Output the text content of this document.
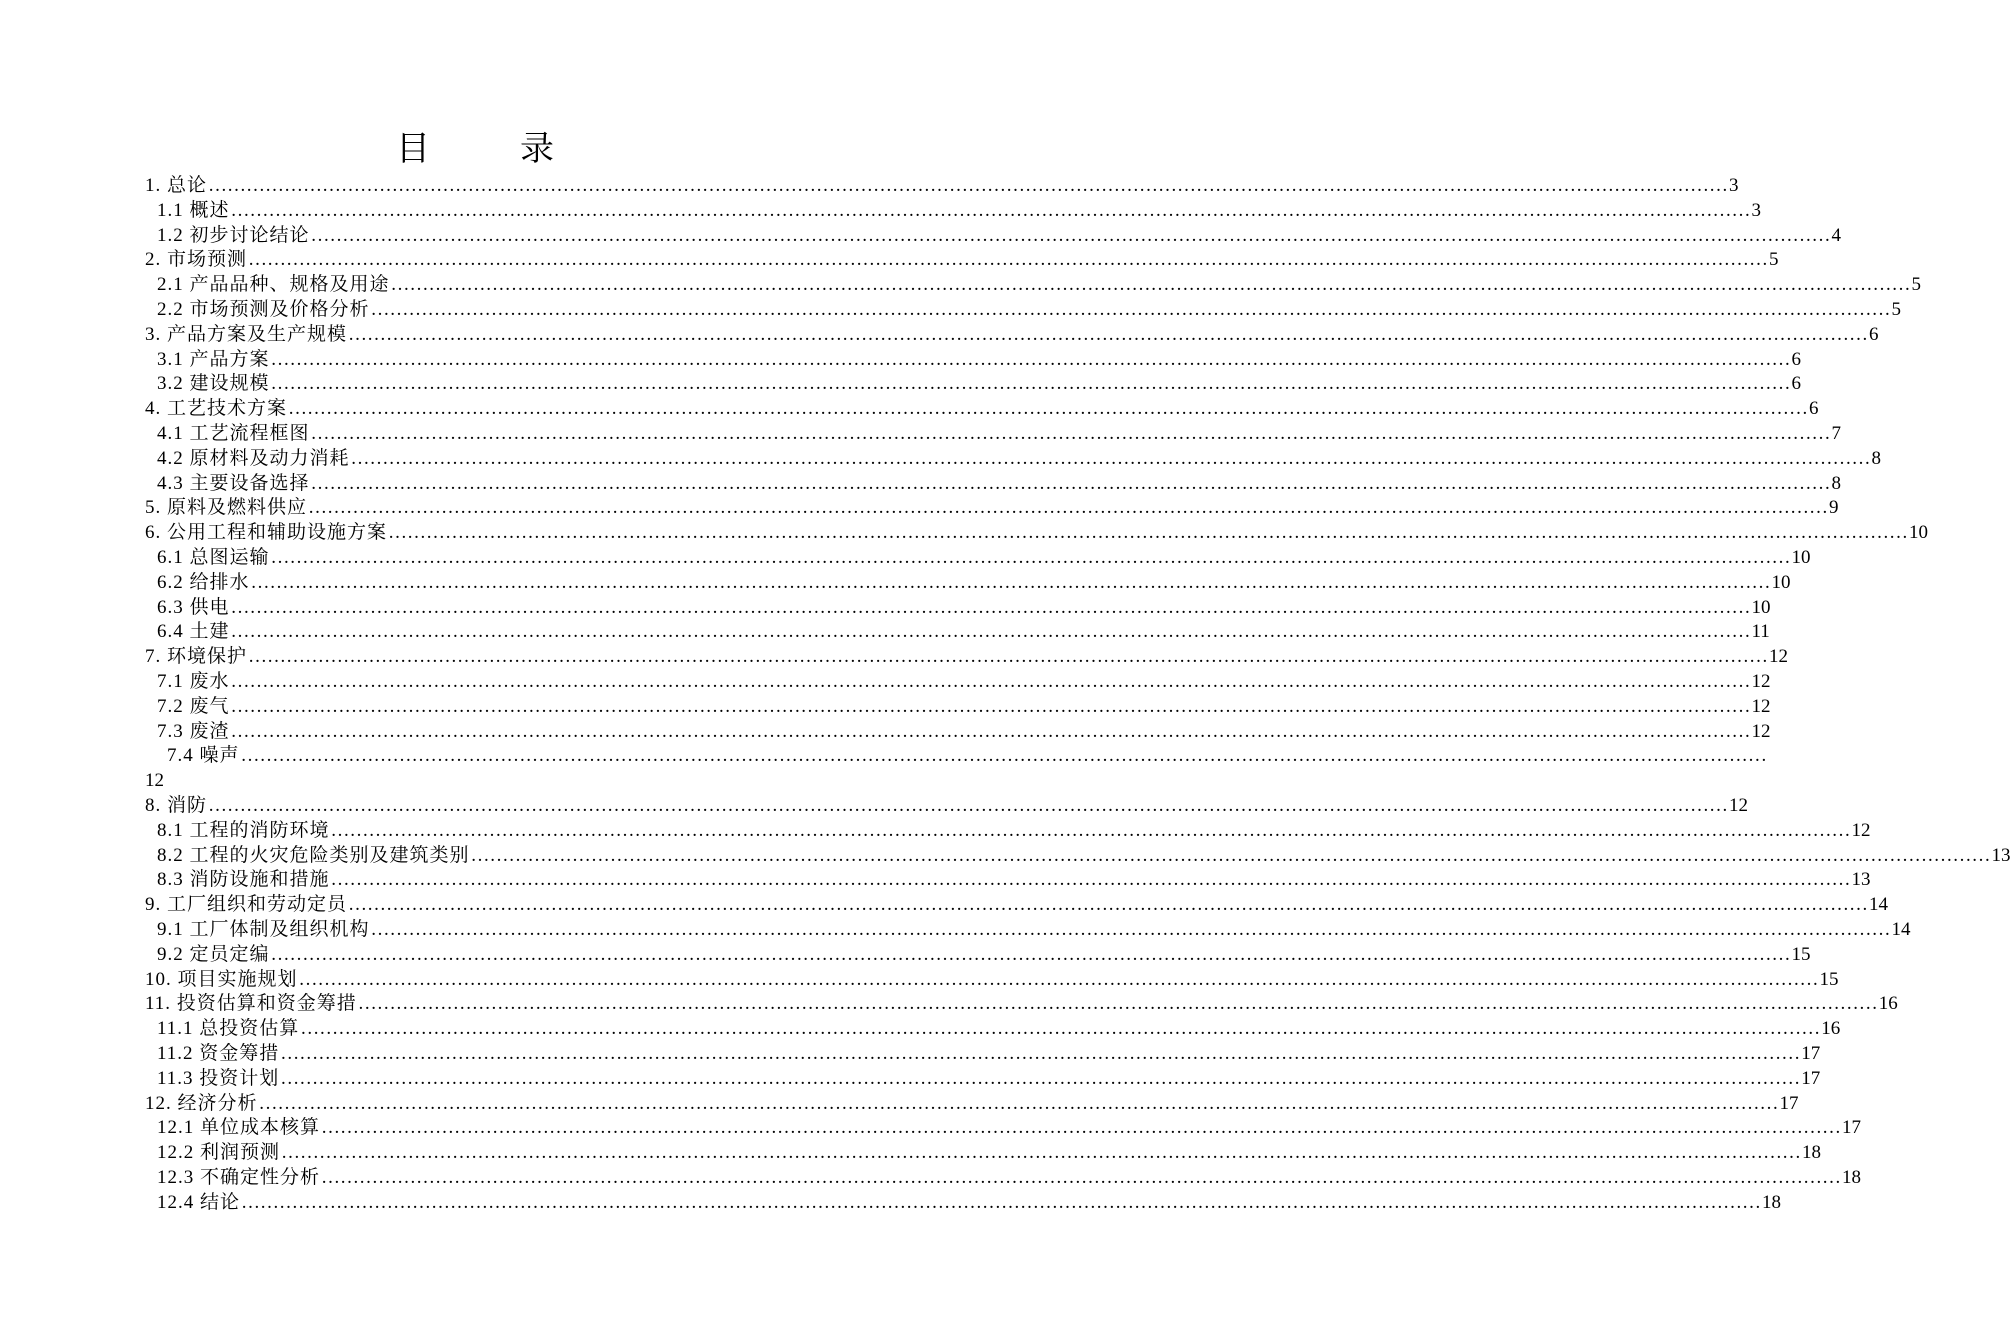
目　录
1. 总论 …………………………………………………………………………………………………………………………………………………………………………………………………………………… 3
1.1 概述 …………………………………………………………………………………………………………………………………………………………………………………………………………………… 3
1.2 初步讨论结论 …………………………………………………………………………………………………………………………………………………………………………………………………………………… 4
2. 市场预测 …………………………………………………………………………………………………………………………………………………………………………………………………………………… 5
2.1 产品品种、规格及用途 …………………………………………………………………………………………………………………………………………………………………………………………………………………… 5
2.2 市场预测及价格分析 …………………………………………………………………………………………………………………………………………………………………………………………………………………… 5
3. 产品方案及生产规模 …………………………………………………………………………………………………………………………………………………………………………………………………………………… 6
3.1 产品方案 …………………………………………………………………………………………………………………………………………………………………………………………………………………… 6
3.2 建设规模 …………………………………………………………………………………………………………………………………………………………………………………………………………………… 6
4. 工艺技术方案 …………………………………………………………………………………………………………………………………………………………………………………………………………………… 6
4.1 工艺流程框图 …………………………………………………………………………………………………………………………………………………………………………………………………………………… 7
4.2 原材料及动力消耗 …………………………………………………………………………………………………………………………………………………………………………………………………………………… 8
4.3 主要设备选择 …………………………………………………………………………………………………………………………………………………………………………………………………………………… 8
5. 原料及燃料供应 …………………………………………………………………………………………………………………………………………………………………………………………………………………… 9
6. 公用工程和辅助设施方案 …………………………………………………………………………………………………………………………………………………………………………………………………………………… 10
6.1 总图运输 …………………………………………………………………………………………………………………………………………………………………………………………………………………… 10
6.2 给排水 …………………………………………………………………………………………………………………………………………………………………………………………………………………… 10
6.3 供电 …………………………………………………………………………………………………………………………………………………………………………………………………………………… 10
6.4 土建 …………………………………………………………………………………………………………………………………………………………………………………………………………………… 11
7. 环境保护 …………………………………………………………………………………………………………………………………………………………………………………………………………………… 12
7.1 废水 …………………………………………………………………………………………………………………………………………………………………………………………………………………… 12
7.2 废气 …………………………………………………………………………………………………………………………………………………………………………………………………………………… 12
7.3 废渣 …………………………………………………………………………………………………………………………………………………………………………………………………………………… 12
7.4 噪声 …………………………………………………………………………………………………………………………………………………………………………………………………………………… .
12
8. 消防 …………………………………………………………………………………………………………………………………………………………………………………………………………………… 12
8.1 工程的消防环境 …………………………………………………………………………………………………………………………………………………………………………………………………………………… 12
8.2 工程的火灾危险类别及建筑类别 …………………………………………………………………………………………………………………………………………………………………………………………………………………… 13
8.3 消防设施和措施 …………………………………………………………………………………………………………………………………………………………………………………………………………………… 13
9. 工厂组织和劳动定员 …………………………………………………………………………………………………………………………………………………………………………………………………………………… 14
9.1 工厂体制及组织机构 …………………………………………………………………………………………………………………………………………………………………………………………………………………… 14
9.2 定员定编 …………………………………………………………………………………………………………………………………………………………………………………………………………………… 15
10. 项目实施规划 …………………………………………………………………………………………………………………………………………………………………………………………………………………… 15
11. 投资估算和资金筹措 …………………………………………………………………………………………………………………………………………………………………………………………………………………… 16
11.1 总投资估算 …………………………………………………………………………………………………………………………………………………………………………………………………………………… 16
11.2 资金筹措 …………………………………………………………………………………………………………………………………………………………………………………………………………………… 17
11.3 投资计划 …………………………………………………………………………………………………………………………………………………………………………………………………………………… 17
12. 经济分析 …………………………………………………………………………………………………………………………………………………………………………………………………………………… 17
12.1 单位成本核算 …………………………………………………………………………………………………………………………………………………………………………………………………………………… 17
12.2 利润预测 …………………………………………………………………………………………………………………………………………………………………………………………………………………… 18
12.3 不确定性分析 …………………………………………………………………………………………………………………………………………………………………………………………………………………… 18
12.4 结论 …………………………………………………………………………………………………………………………………………………………………………………………………………………… 18
